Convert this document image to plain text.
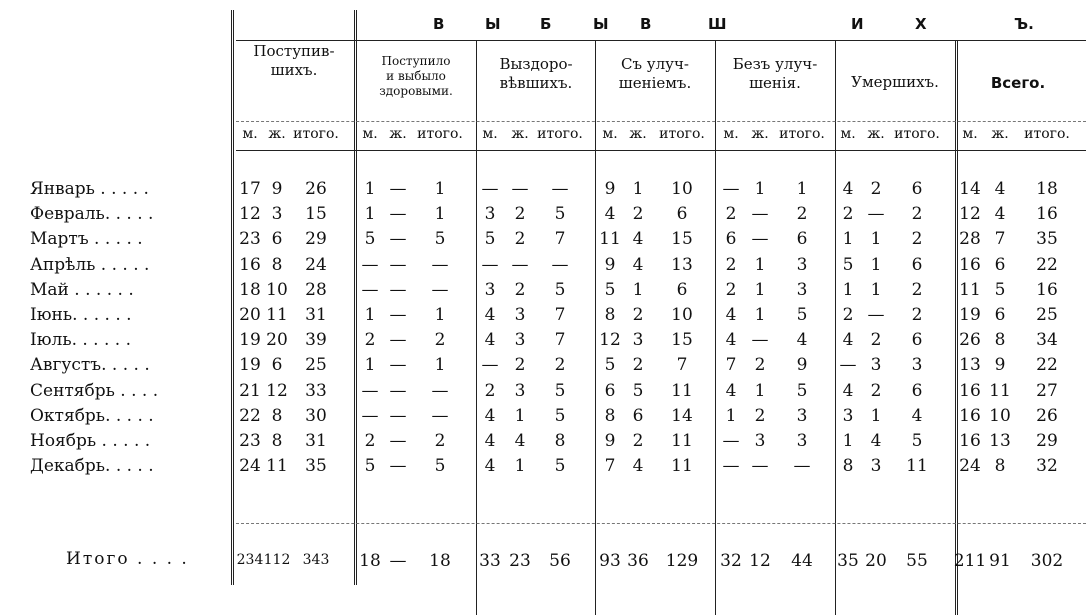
В	Ы	Б	Ы В	Ш	И	Х	Ъ.
Поступив-
шихъ.	Поступило
и выбыло
здоровыми.
Выздоро-
вѣвшихъ.
Съ улуч-
шеніемъ.
Безъ улуч-
шенія.	Умершихъ.	Всего.
м. ж. итого. м. ж. итого. м. ж. итого. м. ж. итого. м. ж. итого. м. ж. итого. м. ж. итого.
Январь . . . . .	17 9 26 1 — 1 — — — 9 1 10 — 1 1 4 2 6 14 4 18
Февраль. . . . .	12 3 15 1 — 1 3 2 5 4 2 6 2 — 2 2 — 2 12 4 16
Мартъ . . . . .	23 6 29 5 — 5 5 2 7 11 4 15 6 — 6 1 1 2 28 7 35
Апрѣль . . . . .	16 8 24 — — — — — — 9 4 13 2 1 3 5 1 6 16 6 22
Май . . . . . .	18 10 28 — — — 3 2 5 5 1 6 2 1 3 1 1 2 11 5 16
Іюнь. . . . . .	20 11 31 1 — 1 4 3 7 8 2 10 4 1 5 2 — 2 19 6 25
Іюль. . . . . .	19 20 39 2 — 2 4 3 7 12 3 15 4 — 4 4 2 6 26 8 34
Августъ. . . . .	19 6 25 1 — 1 — 2 2 5 2 7 7 2 9 — 3 3 13 9 22
Сентябрь . . . .	21 12 33 — — — 2 3 5 6 5 11 4 1 5 4 2 6 16 11 27
Октябрь. . . . .	22 8 30 — — — 4 1 5 8 6 14 1 2 3 3 1 4 16 10 26
Ноябрь . . . . .	23 8 31 2 — 2 4 4 8 9 2 11 — 3 3 1 4 5 16 13 29
Декабрь. . . . .	24 11 35 5 — 5 4 1 5 7 4 11 — — — 8 3 11 24 8 32
Итого . . . .	234 112 343 18 — 18 33 23 56 93 36 129 32 12 44 35 20 55 211 91 302
